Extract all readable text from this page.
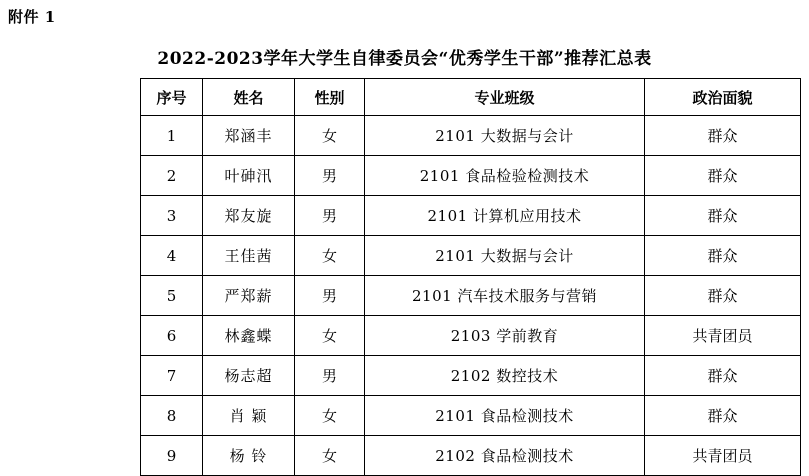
附件 1
2022-2023学年大学生自律委员会“优秀学生干部”推荐汇总表
序号	姓名	性别	专业班级	政治面貌
1	郑涵丰	女	2101 大数据与会计	群众
2	叶砷汛	男	2101 食品检验检测技术	群众
3	郑友旋	男	2101 计算机应用技术	群众
4	王佳茜	女	2101 大数据与会计	群众
5	严郑薪	男	2101 汽车技术服务与营销	群众
6	林鑫蝶	女	2103 学前教育	共青团员
7	杨志超	男	2102 数控技术	群众
8	肖 颖	女	2101 食品检测技术	群众
9	杨 铃	女	2102 食品检测技术	共青团员
